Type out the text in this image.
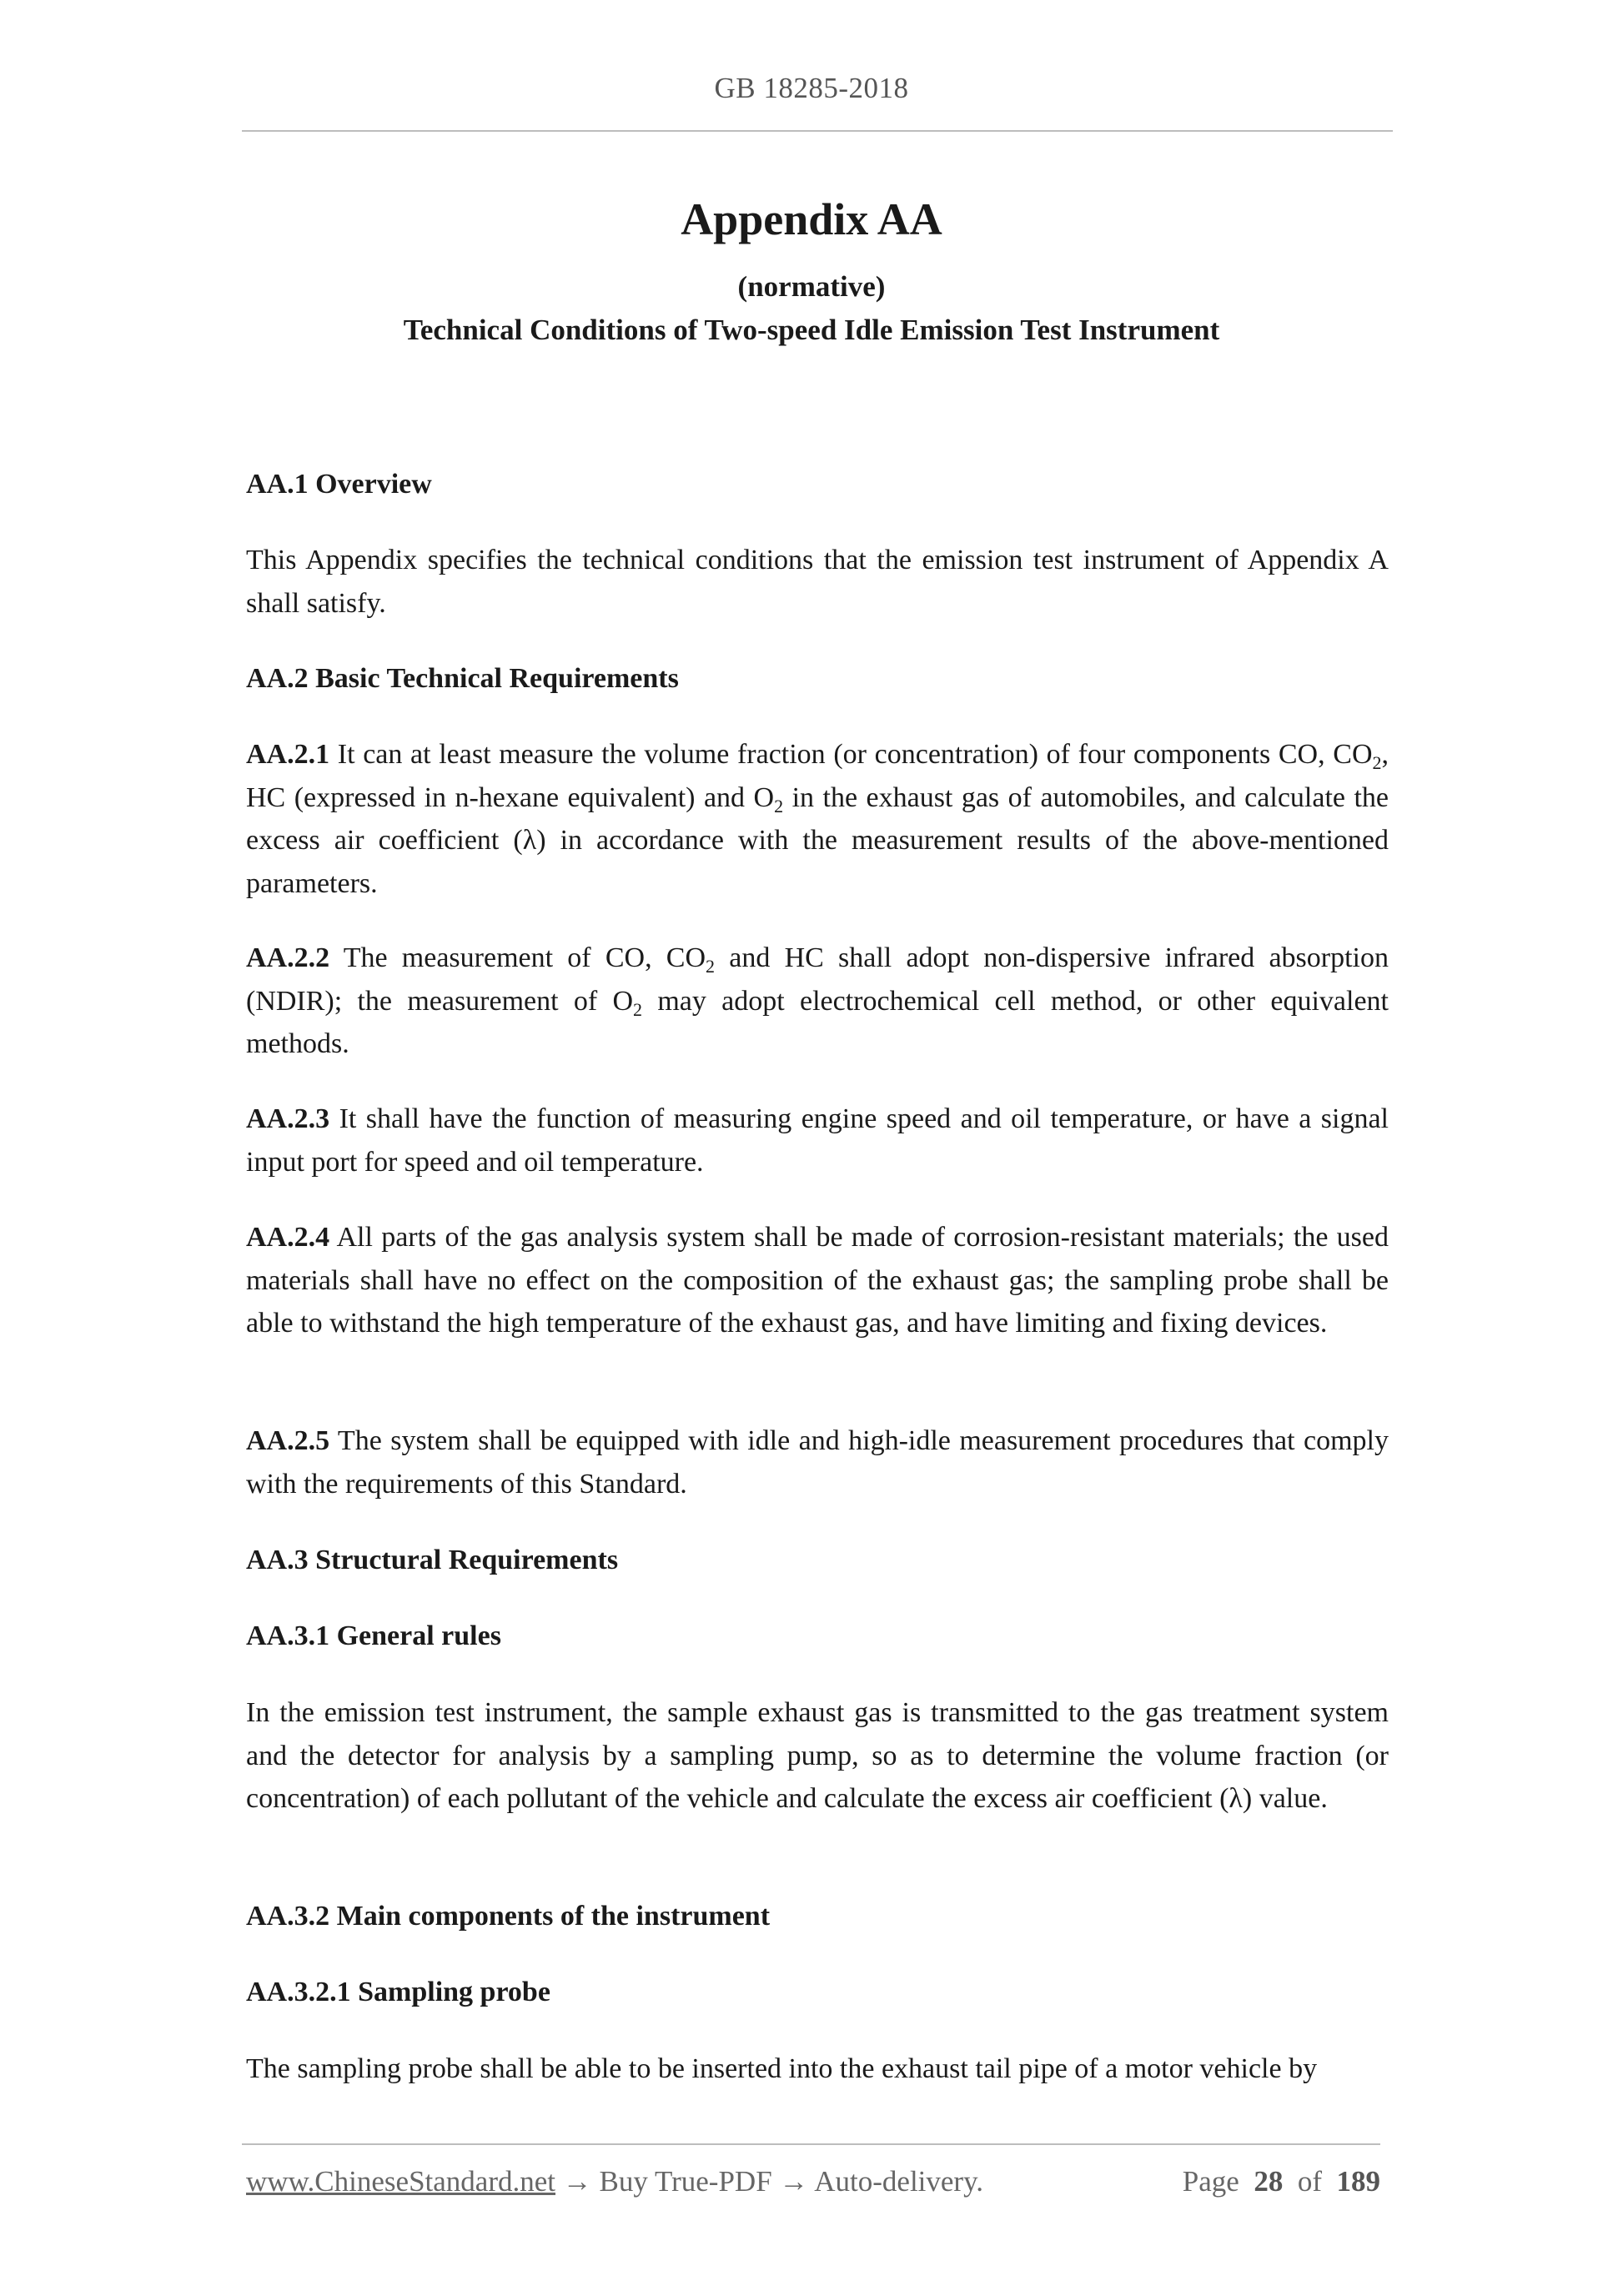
GB 18285-2018
Appendix AA
(normative)
Technical Conditions of Two-speed Idle Emission Test Instrument

AA.1 Overview

This Appendix specifies the technical conditions that the emission test instrument of Appendix A shall satisfy.

AA.2 Basic Technical Requirements

AA.2.1 It can at least measure the volume fraction (or concentration) of four components CO, $CO_2$, HC (expressed in n-hexane equivalent) and $O_2$ in the exhaust gas of automobiles, and calculate the excess air coefficient (λ) in accordance with the measurement results of the above-mentioned parameters.

AA.2.2 The measurement of CO, $CO_2$ and HC shall adopt non-dispersive infrared absorption (NDIR); the measurement of $O_2$ may adopt electrochemical cell method, or other equivalent methods.

AA.2.3 It shall have the function of measuring engine speed and oil temperature, or have a signal input port for speed and oil temperature.

AA.2.4 All parts of the gas analysis system shall be made of corrosion-resistant materials; the used materials shall have no effect on the composition of the exhaust gas; the sampling probe shall be able to withstand the high temperature of the exhaust gas, and have limiting and fixing devices.

AA.2.5 The system shall be equipped with idle and high-idle measurement procedures that comply with the requirements of this Standard.

AA.3 Structural Requirements

AA.3.1 General rules

In the emission test instrument, the sample exhaust gas is transmitted to the gas treatment system and the detector for analysis by a sampling pump, so as to determine the volume fraction (or concentration) of each pollutant of the vehicle and calculate the excess air coefficient (λ) value.

AA.3.2 Main components of the instrument

AA.3.2.1 Sampling probe

The sampling probe shall be able to be inserted into the exhaust tail pipe of a motor vehicle by

www.ChineseStandard.net → Buy True-PDF → Auto-delivery.	Page 28 of 189
